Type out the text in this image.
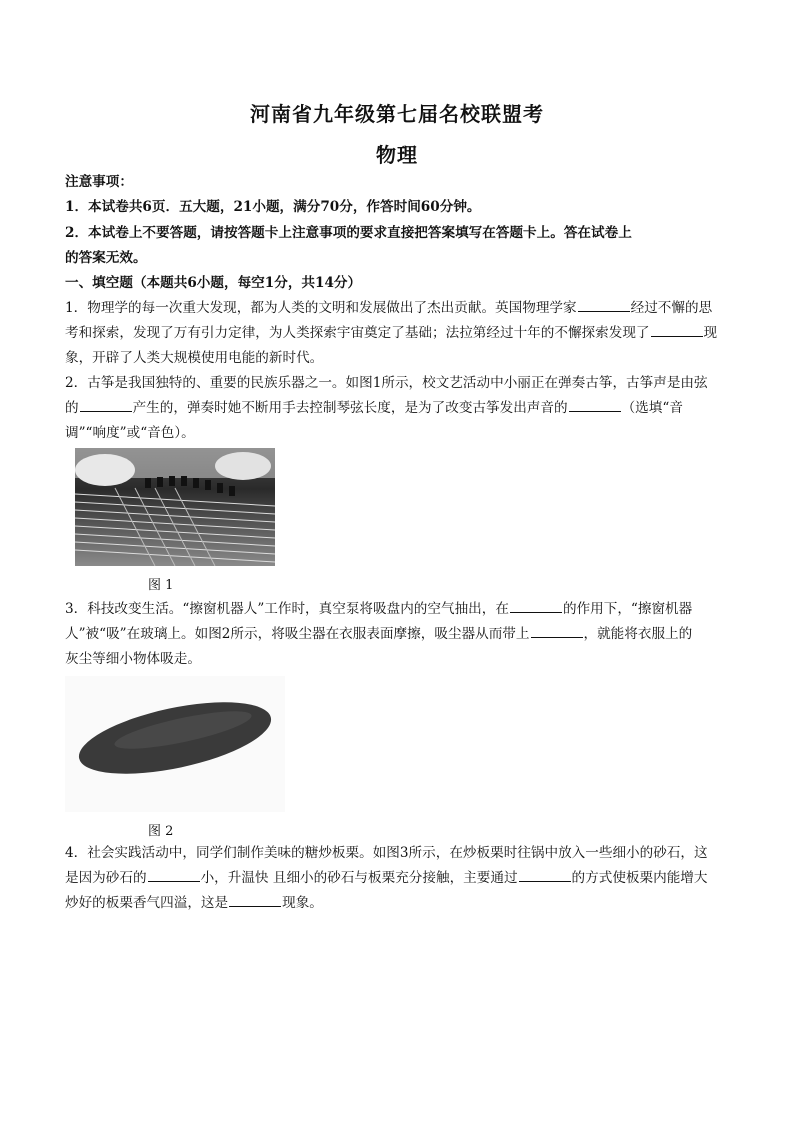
河南省九年级第七届名校联盟考
物理
注意事项：
1．本试卷共6页．五大题，21小题，满分70分，作答时间60分钟。
2．本试卷上不要答题，请按答题卡上注意事项的要求直接把答案填写在答题卡上。答在试卷上
的答案无效。
一、填空题（本题共6小题，每空1分，共14分）
1．物理学的每一次重大发现，都为人类的文明和发展做出了杰出贡献。英国物理学家	经过不懈的思
考和探索，发现了万有引力定律，为人类探索宇宙奠定了基础；法拉第经过十年的不懈探索发现了	现
象，开辟了人类大规模使用电能的新时代。
2．古筝是我国独特的、重要的民族乐器之一。如图1所示，校文艺活动中小丽正在弹奏古筝，古筝声是由弦
的	产生的，弹奏时她不断用手去控制琴弦长度，是为了改变古筝发出声音的	（选填“音
调”“响度”或“音色）。
图 1
3．科技改变生活。“擦窗机器人”工作时，真空泵将吸盘内的空气抽出，在	的作用下，“擦窗机器
人”被“吸”在玻璃上。如图2所示，将吸尘器在衣服表面摩擦，吸尘器从而带上	，就能将衣服上的
灰尘等细小物体吸走。
图 2
4．社会实践活动中，同学们制作美味的糖炒板栗。如图3所示，在炒板栗时往锅中放入一些细小的砂石，这
是因为砂石的	小，升温快 且细小的砂石与板栗充分接触，主要通过	的方式使板栗内能增大
炒好的板栗香气四溢，这是	现象。
